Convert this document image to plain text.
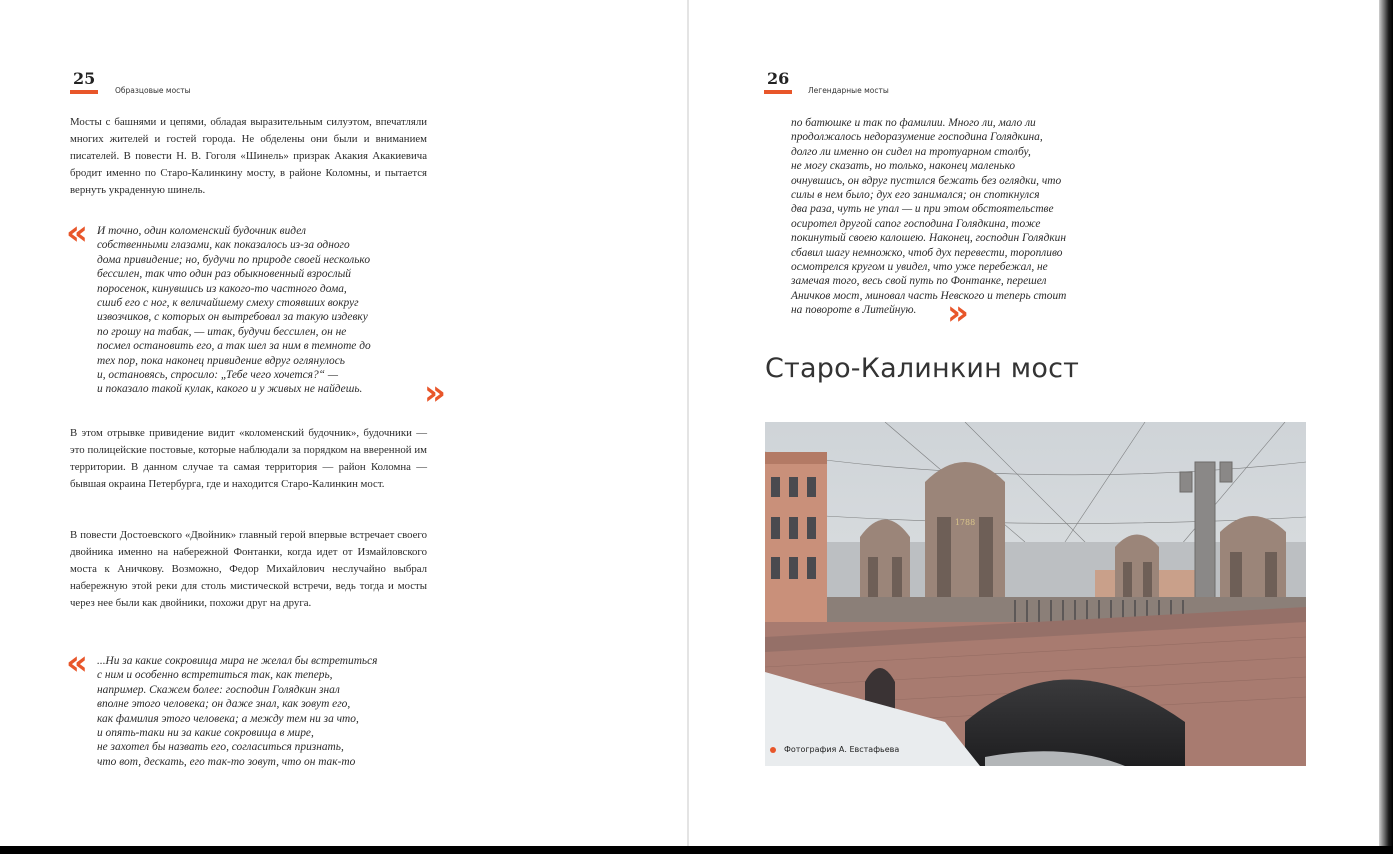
25
Образцовые мосты

Мосты с башнями и цепями, обладая выразительным силуэтом, впечатляли многих жителей и гостей города. Не обделены они были и вниманием писателей. В повести Н. В. Гоголя «Шинель» призрак Акакия Акакиевича бродит именно по Старо-Калинкину мосту, в районе Коломны, и пытается вернуть украденную шинель.

« И точно, один коломенский будочник видел
собственными глазами, как показалось из-за одного
дома привидение; но, будучи по природе своей несколько
бессилен, так что один раз обыкновенный взрослый
поросенок, кинувшись из какого-то частного дома,
сшиб его с ног, к величайшему смеху стоявших вокруг
извозчиков, с которых он вытребовал за такую издевку
по грошу на табак, — итак, будучи бессилен, он не
посмел остановить его, а так шел за ним в темноте до
тех пор, пока наконец привидение вдруг оглянулось
и, остановясь, спросило: „Тебе чего хочется?“ —
и показало такой кулак, какого и у живых не найдешь.	»

В этом отрывке привидение видит «коломенский будочник», будочники — это полицейские постовые, которые наблюдали за порядком на вверенной им территории. В данном случае та самая территория — район Коломна — бывшая окраина Петербурга, где и находится Старо-Калинкин мост.

В повести Достоевского «Двойник» главный герой впервые встречает своего двойника именно на набережной Фонтанки, когда идет от Измайловского моста к Аничкову. Возможно, Федор Михайлович неслучайно выбрал набережную этой реки для столь мистической встречи, ведь тогда и мосты через нее были как двойники, похожи друг на друга.

« ...Ни за какие сокровища мира не желал бы встретиться
с ним и особенно встретиться так, как теперь,
например. Скажем более: господин Голядкин знал
вполне этого человека; он даже знал, как зовут его,
как фамилия этого человека; а между тем ни за что,
и опять-таки ни за какие сокровища в мире,
не захотел бы назвать его, согласиться признать,
что вот, дескать, его так-то зовут, что он так-то

26
Легендарные мосты

по батюшке и так по фамилии. Много ли, мало ли
продолжалось недоразумение господина Голядкина,
долго ли именно он сидел на тротуарном столбу,
не могу сказать, но только, наконец маленько
очнувшись, он вдруг пустился бежать без оглядки, что
силы в нем было; дух его занимался; он споткнулся
два раза, чуть не упал — и при этом обстоятельстве
осиротел другой сапог господина Голядкина, тоже
покинутый своею калошею. Наконец, господин Голядкин
сбавил шагу немножко, чтоб дух перевести, торопливо
осмотрелся кругом и увидел, что уже перебежал, не
замечая того, весь свой путь по Фонтанке, перешел
Аничков мост, миновал часть Невского и теперь стоит
на повороте в Литейную. »
Старо-Калинкин мост
1788
Фотография А. Евстафьева
